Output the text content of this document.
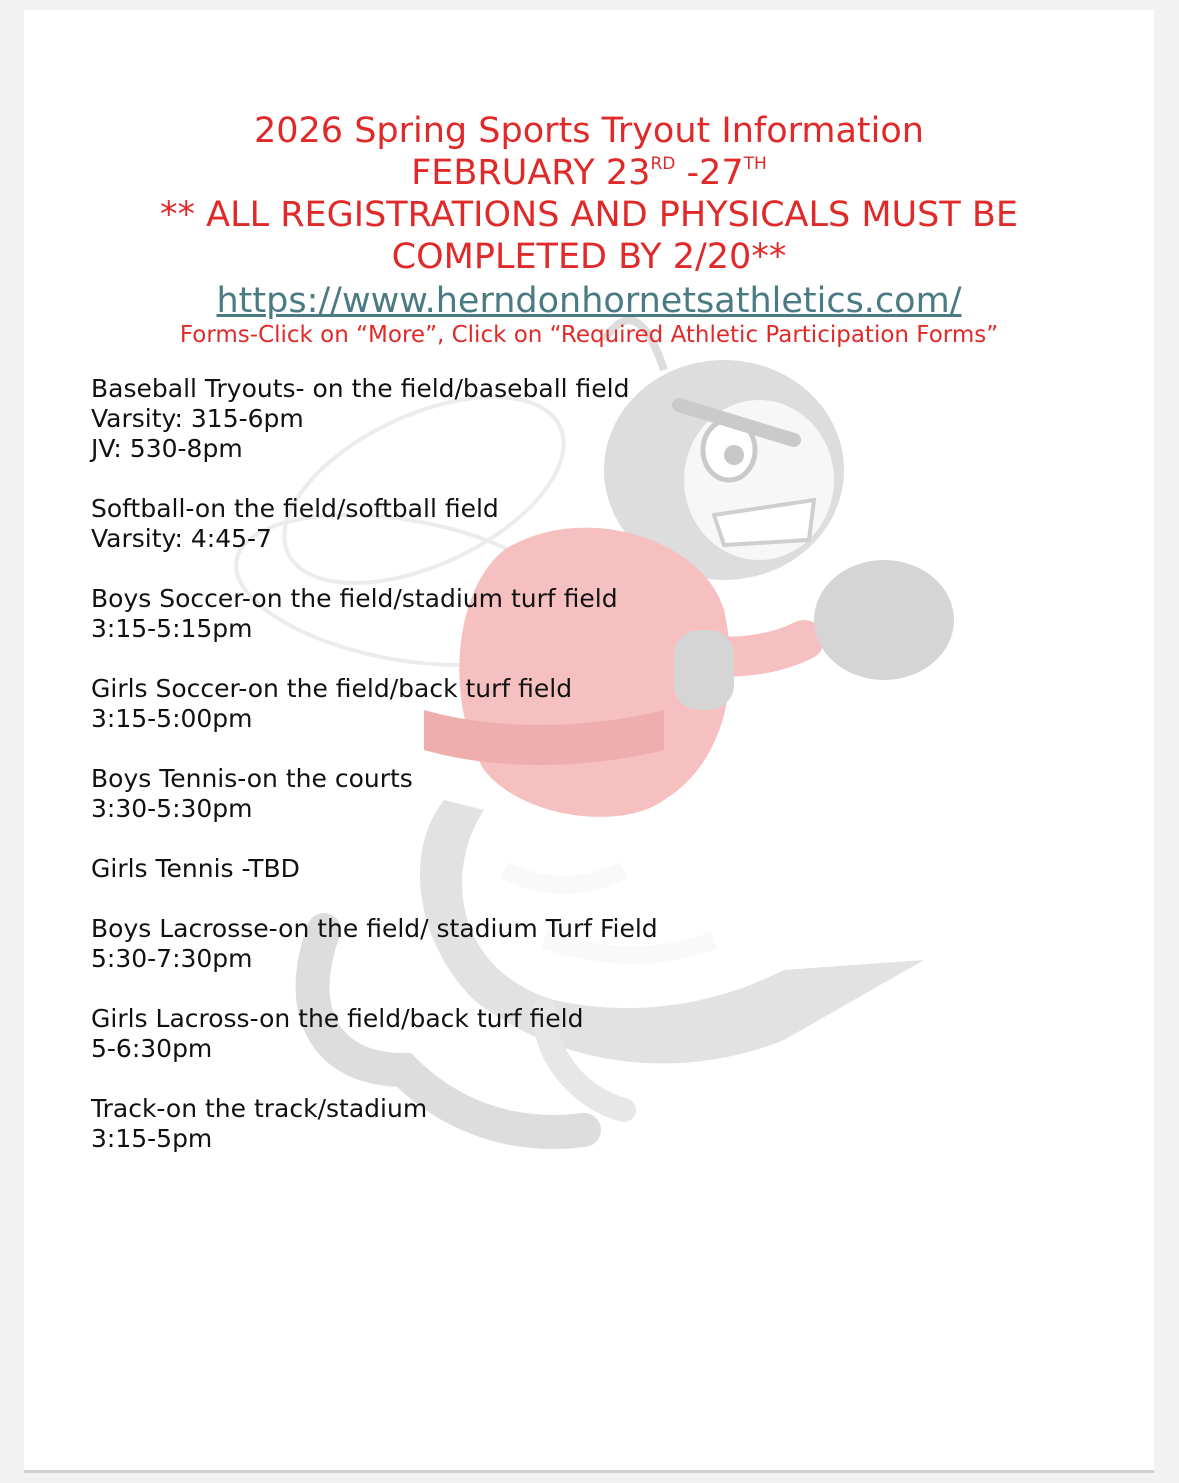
2026 Spring Sports Tryout Information
FEBRUARY 23RD -27TH
** ALL REGISTRATIONS AND PHYSICALS MUST BE
COMPLETED BY 2/20**
https://www.herndonhornetsathletics.com/
Forms-Click on “More”, Click on “Required Athletic Participation Forms”
Baseball Tryouts- on the field/baseball field
Varsity: 315-6pm
JV: 530-8pm
Softball-on the field/softball field
Varsity: 4:45-7
Boys Soccer-on the field/stadium turf field
3:15-5:15pm
Girls Soccer-on the field/back turf field
3:15-5:00pm
Boys Tennis-on the courts
3:30-5:30pm
Girls Tennis -TBD
Boys Lacrosse-on the field/ stadium Turf Field
5:30-7:30pm
Girls Lacross-on the field/back turf field
5-6:30pm
Track-on the track/stadium
3:15-5pm
